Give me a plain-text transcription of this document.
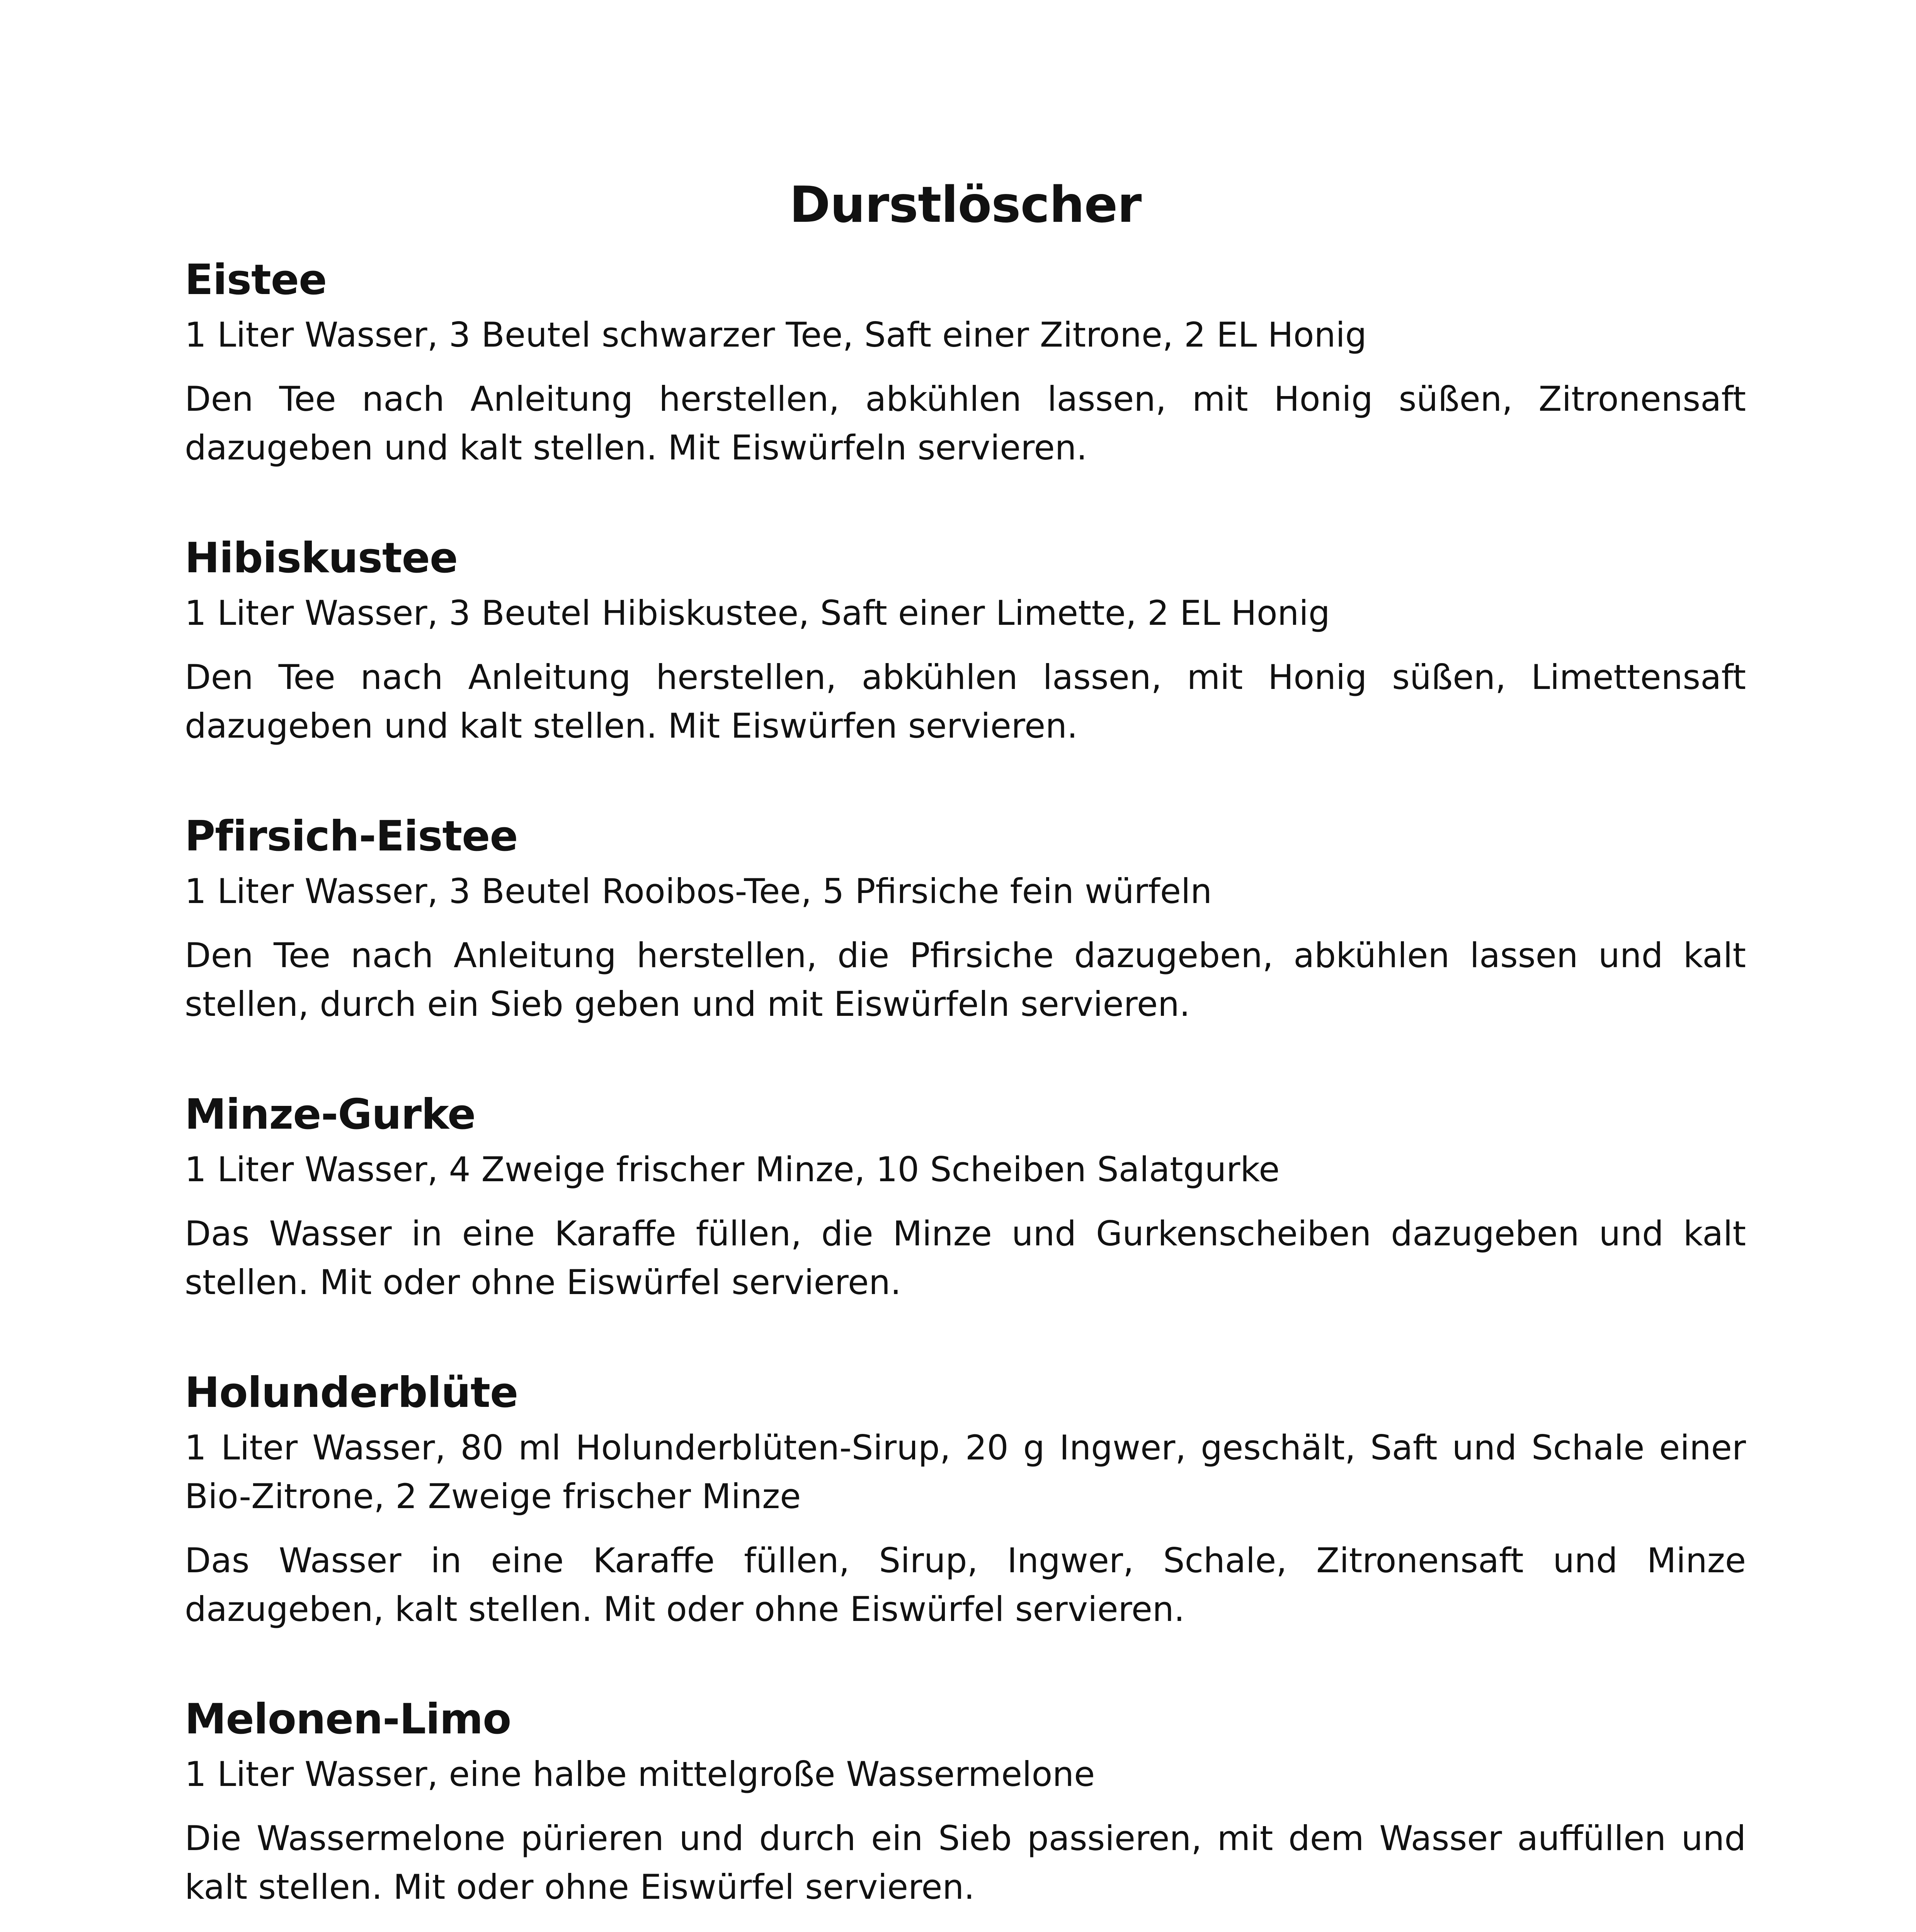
Durstlöscher
Eistee

1 Liter Wasser, 3 Beutel schwarzer Tee, Saft einer Zitrone, 2 EL Honig

Den Tee nach Anleitung herstellen, abkühlen lassen, mit Honig süßen, Zitronensaft dazugeben und kalt stellen. Mit Eiswürfeln servieren.

Hibiskustee

1 Liter Wasser, 3 Beutel Hibiskustee, Saft einer Limette, 2 EL Honig

Den Tee nach Anleitung herstellen, abkühlen lassen, mit Honig süßen, Limettensaft dazugeben und kalt stellen. Mit Eiswürfen servieren.

Pfirsich-Eistee

1 Liter Wasser, 3 Beutel Rooibos-Tee, 5 Pfirsiche fein würfeln

Den Tee nach Anleitung herstellen, die Pfirsiche dazugeben, abkühlen lassen und kalt stellen, durch ein Sieb geben und mit Eiswürfeln servieren.

Minze-Gurke

1 Liter Wasser, 4 Zweige frischer Minze, 10 Scheiben Salatgurke

Das Wasser in eine Karaffe füllen, die Minze und Gurkenscheiben dazugeben und kalt stellen. Mit oder ohne Eiswürfel servieren.

Holunderblüte

1 Liter Wasser, 80 ml Holunderblüten-Sirup, 20 g Ingwer, geschält, Saft und Schale einer Bio-Zitrone, 2 Zweige frischer Minze

Das Wasser in eine Karaffe füllen, Sirup, Ingwer, Schale, Zitronensaft und Minze dazugeben, kalt stellen. Mit oder ohne Eiswürfel servieren.

Melonen-Limo

1 Liter Wasser, eine halbe mittelgroße Wassermelone

Die Wassermelone pürieren und durch ein Sieb passieren, mit dem Wasser auffüllen und kalt stellen. Mit oder ohne Eiswürfel servieren.
